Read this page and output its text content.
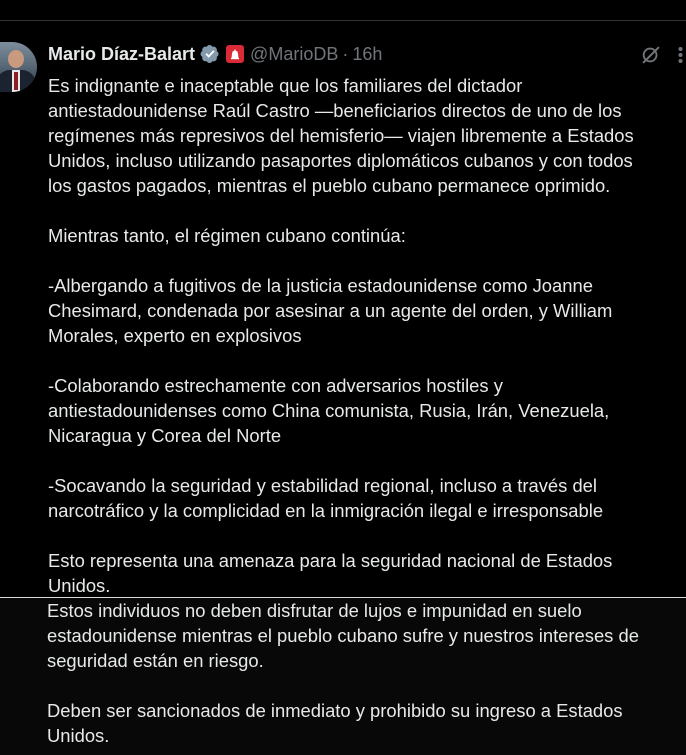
Mario Díaz-Balart	@MarioDB · 16h

Es indignante e inaceptable que los familiares del dictador
antiestadounidense Raúl Castro —beneficiarios directos de uno de los
regímenes más represivos del hemisferio— viajen libremente a Estados
Unidos, incluso utilizando pasaportes diplomáticos cubanos y con todos
los gastos pagados, mientras el pueblo cubano permanece oprimido.

Mientras tanto, el régimen cubano continúa:

-Albergando a fugitivos de la justicia estadounidense como Joanne
Chesimard, condenada por asesinar a un agente del orden, y William
Morales, experto en explosivos

-Colaborando estrechamente con adversarios hostiles y
antiestadounidenses como China comunista, Rusia, Irán, Venezuela,
Nicaragua y Corea del Norte

-Socavando la seguridad y estabilidad regional, incluso a través del
narcotráfico y la complicidad en la inmigración ilegal e irresponsable

Esto representa una amenaza para la seguridad nacional de Estados
Unidos.

Estos individuos no deben disfrutar de lujos e impunidad en suelo
estadounidense mientras el pueblo cubano sufre y nuestros intereses de
seguridad están en riesgo.

Deben ser sancionados de inmediato y prohibido su ingreso a Estados
Unidos.
